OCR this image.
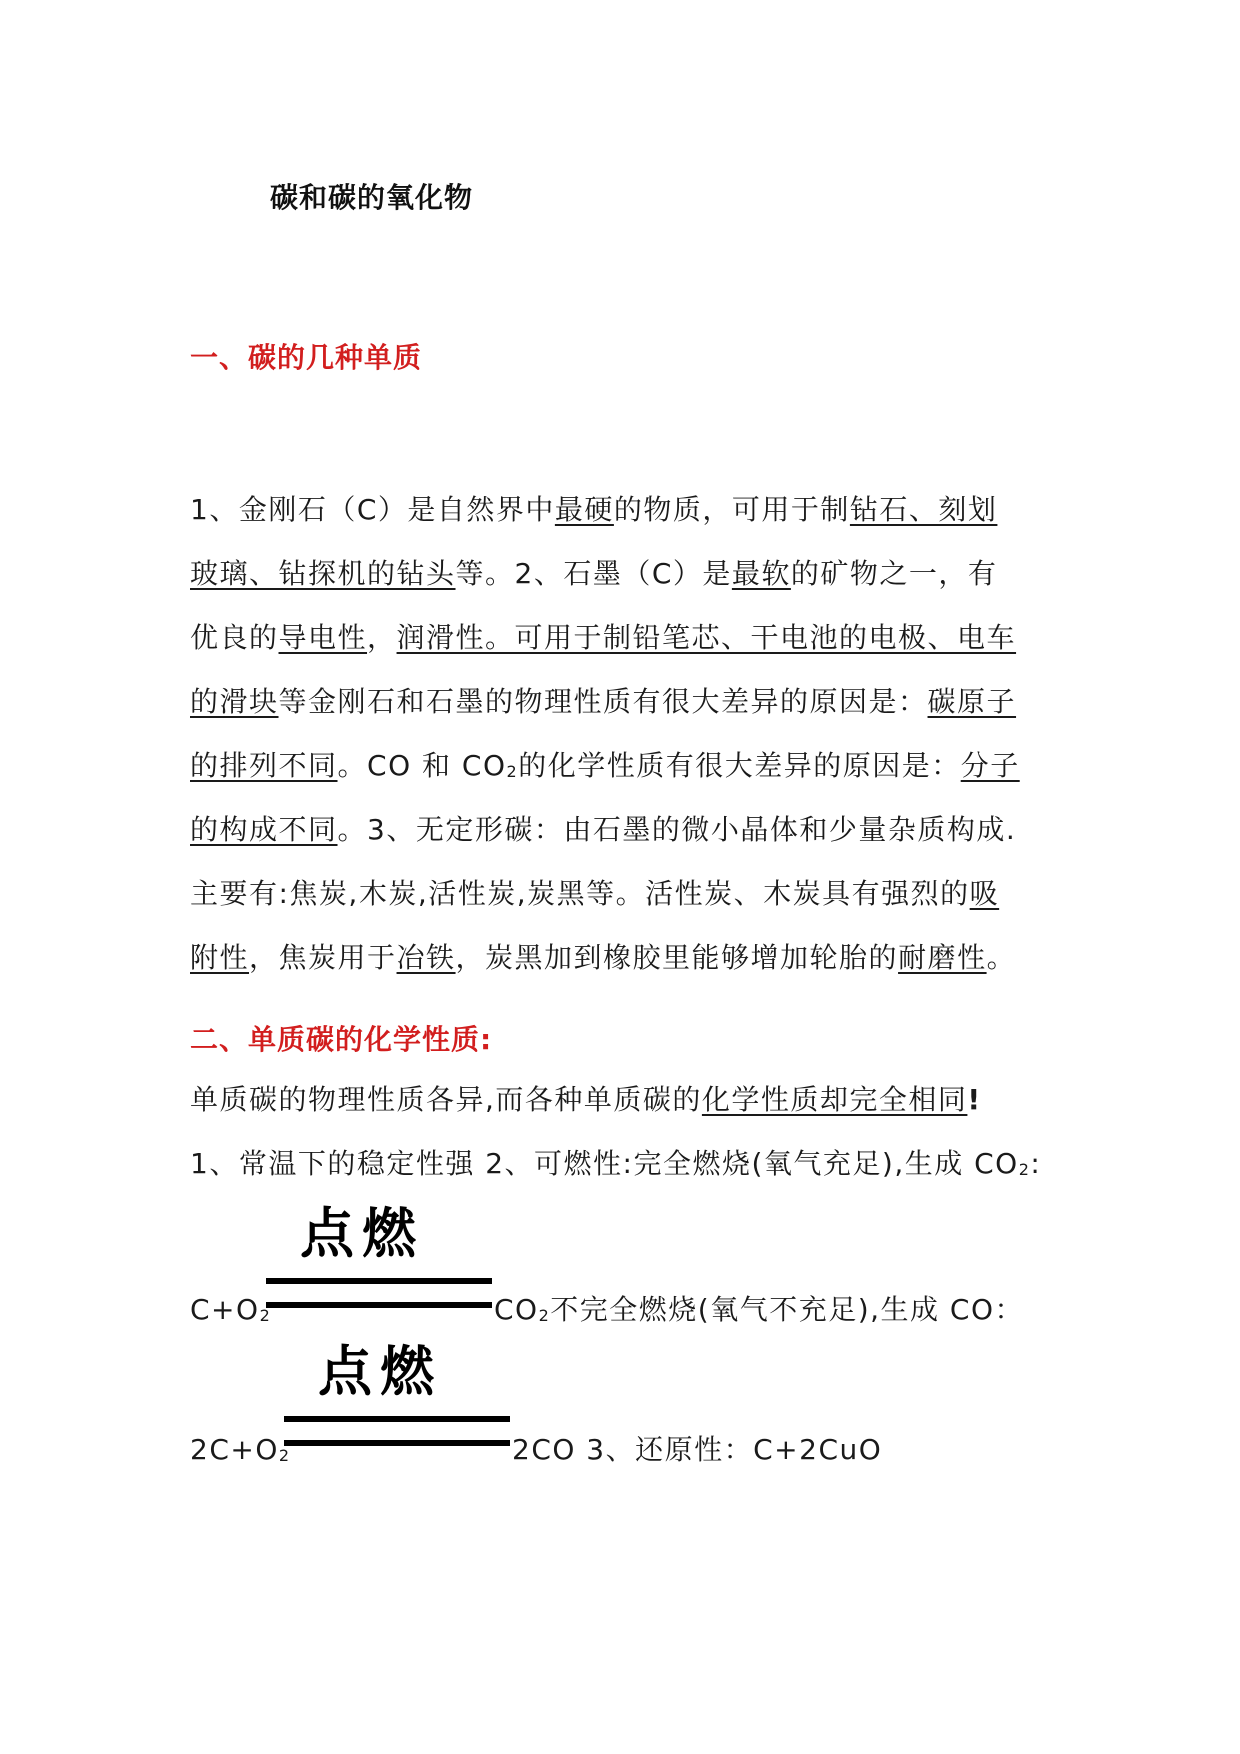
碳和碳的氧化物
一、碳的几种单质
1、金刚石（C）是自然界中最硬的物质，可用于制钻石、刻划
玻璃、钻探机的钻头等。2、石墨（C）是最软的矿物之一，有
优良的导电性，润滑性。可用于制铅笔芯、干电池的电极、电车
的滑块等金刚石和石墨的物理性质有很大差异的原因是：碳原子
的排列不同。CO 和 $CO_2$的化学性质有很大差异的原因是：分子
的构成不同。3、无定形碳：由石墨的微小晶体和少量杂质构成.
主要有:焦炭,木炭,活性炭,炭黑等。活性炭、木炭具有强烈的吸
附性，焦炭用于冶铁，炭黑加到橡胶里能够增加轮胎的耐磨性。
二、单质碳的化学性质:
单质碳的物理性质各异,而各种单质碳的化学性质却完全相同!
1、常温下的稳定性强 2、可燃性:完全燃烧(氧气充足),生成 $CO_2$:
点燃
$C+O_2$	$CO_2$不完全燃烧(氧气不充足),生成 CO：
点燃
$2C+O_2$	2CO 3、还原性：C+2CuO
